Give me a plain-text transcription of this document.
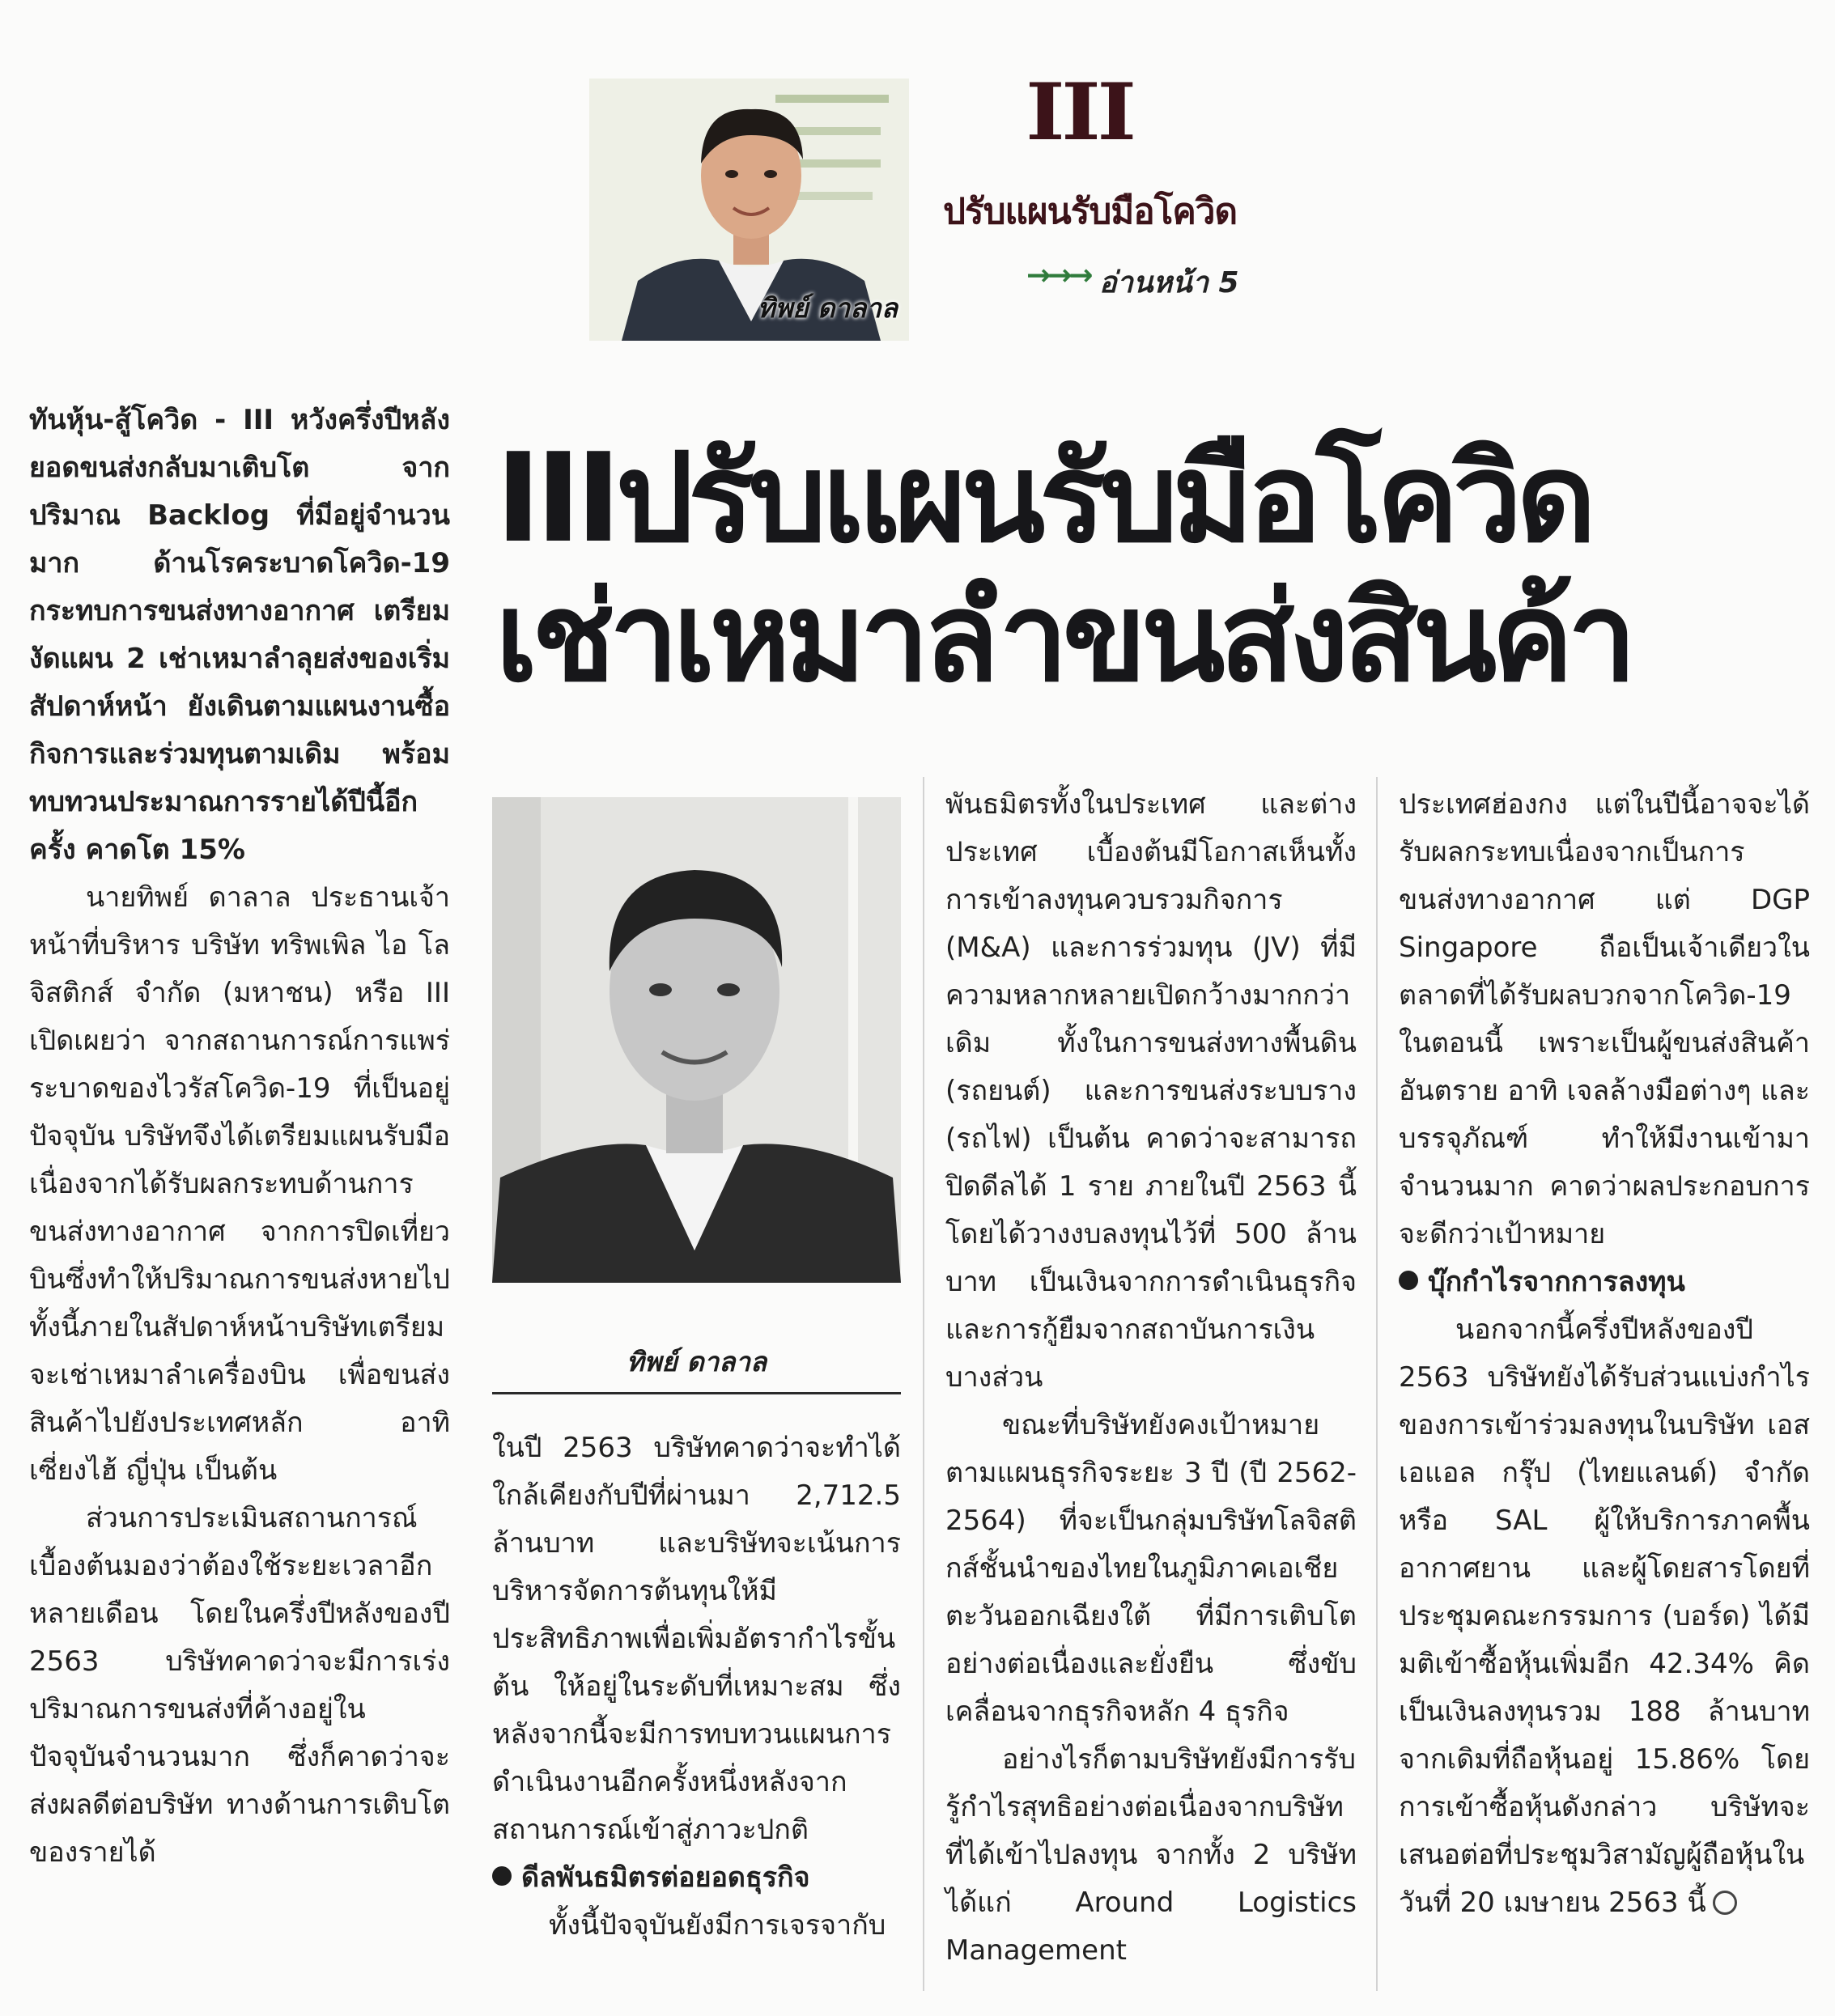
ทิพย์ ดาลาล
III
ปรับแผนรับมือโควิด
→→→ อ่านหน้า 5
IIIปรับแผนรับมือโควิด
เช่าเหมาลำขนส่งสินค้า

ทันหุ้น-สู้โควิด - III หวังครึ่งปีหลังยอดขนส่งกลับมาเติบโต จากปริมาณ Backlog ที่มีอยู่จำนวนมาก ด้านโรคระบาดโควิด-19 กระทบการขนส่งทางอากาศ เตรียมงัดแผน 2 เช่าเหมาลำลุยส่งของเริ่มสัปดาห์หน้า ยังเดินตามแผนงานซื้อกิจการและร่วมทุนตามเดิม พร้อมทบทวนประมาณการรายได้ปีนี้อีกครั้ง คาดโต 15%

นายทิพย์ ดาลาล ประธานเจ้าหน้าที่บริหาร บริษัท ทริพเพิล ไอ โลจิสติกส์ จำกัด (มหาชน) หรือ III เปิดเผยว่า จากสถานการณ์การแพร่ระบาดของไวรัสโควิด-19 ที่เป็นอยู่ปัจจุบัน บริษัทจึงได้เตรียมแผนรับมือเนื่องจากได้รับผลกระทบด้านการขนส่งทางอากาศ จากการปิดเที่ยวบินซึ่งทำให้ปริมาณการขนส่งหายไป ทั้งนี้ภายในสัปดาห์หน้าบริษัทเตรียมจะเช่าเหมาลำเครื่องบิน เพื่อขนส่งสินค้าไปยังประเทศหลัก อาทิ เซี่ยงไฮ้ ญี่ปุ่น เป็นต้น

ส่วนการประเมินสถานการณ์เบื้องต้นมองว่าต้องใช้ระยะเวลาอีกหลายเดือน โดยในครึ่งปีหลังของปี 2563 บริษัทคาดว่าจะมีการเร่งปริมาณการขนส่งที่ค้างอยู่ในปัจจุบันจำนวนมาก ซึ่งก็คาดว่าจะส่งผลดีต่อบริษัท ทางด้านการเติบโตของรายได้

ทิพย์ ดาลาล

ในปี 2563 บริษัทคาดว่าจะทำได้ใกล้เคียงกับปีที่ผ่านมา 2,712.5 ล้านบาท และบริษัทจะเน้นการบริหารจัดการต้นทุนให้มีประสิทธิภาพเพื่อเพิ่มอัตรากำไรขั้นต้น ให้อยู่ในระดับที่เหมาะสม ซึ่งหลังจากนี้จะมีการทบทวนแผนการดำเนินงานอีกครั้งหนึ่งหลังจากสถานการณ์เข้าสู่ภาวะปกติ

ดีลพันธมิตรต่อยอดธุรกิจ

ทั้งนี้ปัจจุบันยังมีการเจรจากับ

พันธมิตรทั้งในประเทศ และต่างประเทศ เบื้องต้นมีโอกาสเห็นทั้งการเข้าลงทุนควบรวมกิจการ (M&A) และการร่วมทุน (JV) ที่มีความหลากหลายเปิดกว้างมากกว่าเดิม ทั้งในการขนส่งทางพื้นดิน (รถยนต์) และการขนส่งระบบราง (รถไฟ) เป็นต้น คาดว่าจะสามารถปิดดีลได้ 1 ราย ภายในปี 2563 นี้ โดยได้วางงบลงทุนไว้ที่ 500 ล้านบาท เป็นเงินจากการดำเนินธุรกิจและการกู้ยืมจากสถาบันการเงินบางส่วน

ขณะที่บริษัทยังคงเป้าหมายตามแผนธุรกิจระยะ 3 ปี (ปี 2562-2564) ที่จะเป็นกลุ่มบริษัทโลจิสติกส์ชั้นนำของไทยในภูมิภาคเอเชียตะวันออกเฉียงใต้ ที่มีการเติบโตอย่างต่อเนื่องและยั่งยืน ซึ่งขับเคลื่อนจากธุรกิจหลัก 4 ธุรกิจ

อย่างไรก็ตามบริษัทยังมีการรับรู้กำไรสุทธิอย่างต่อเนื่องจากบริษัทที่ได้เข้าไปลงทุน จากทั้ง 2 บริษัท ได้แก่ Around Logistics Management

ประเทศฮ่องกง แต่ในปีนี้อาจจะได้รับผลกระทบเนื่องจากเป็นการขนส่งทางอากาศ แต่ DGP Singapore ถือเป็นเจ้าเดียวในตลาดที่ได้รับผลบวกจากโควิด-19 ในตอนนี้ เพราะเป็นผู้ขนส่งสินค้าอันตราย อาทิ เจลล้างมือต่างๆ และบรรจุภัณฑ์ ทำให้มีงานเข้ามาจำนวนมาก คาดว่าผลประกอบการจะดีกว่าเป้าหมาย

บุ๊กกำไรจากการลงทุน

นอกจากนี้ครึ่งปีหลังของปี 2563 บริษัทยังได้รับส่วนแบ่งกำไรของการเข้าร่วมลงทุนในบริษัท เอสเอแอล กรุ๊ป (ไทยแลนด์) จำกัด หรือ SAL ผู้ให้บริการภาคพื้นอากาศยาน และผู้โดยสารโดยที่ประชุมคณะกรรมการ (บอร์ด) ได้มีมติเข้าซื้อหุ้นเพิ่มอีก 42.34% คิดเป็นเงินลงทุนรวม 188 ล้านบาท จากเดิมที่ถือหุ้นอยู่ 15.86% โดยการเข้าซื้อหุ้นดังกล่าว บริษัทจะเสนอต่อที่ประชุมวิสามัญผู้ถือหุ้นในวันที่ 20 เมษายน 2563 นี้
